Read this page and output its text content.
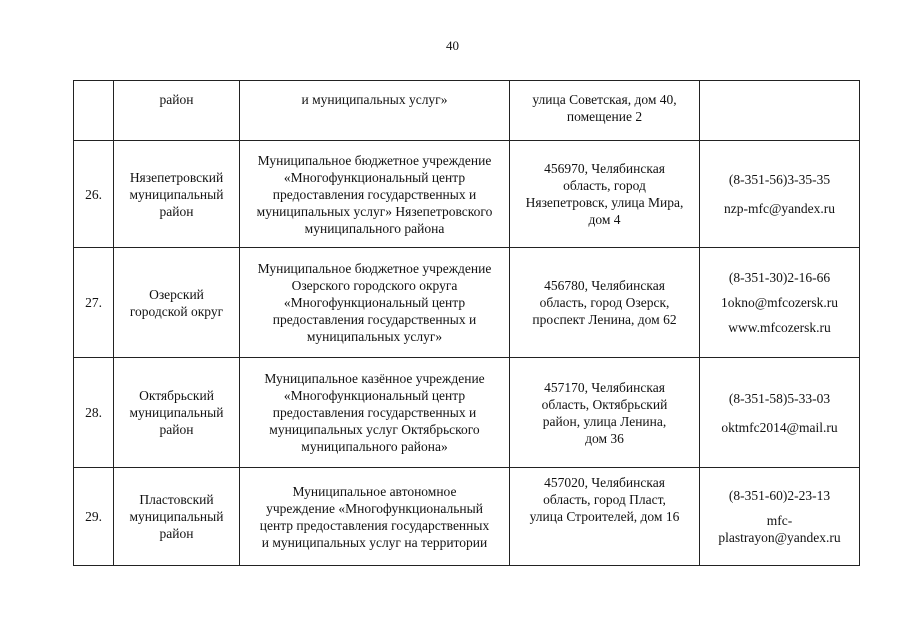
40
	район	и муниципальных услуг»	улица Советская, дом 40,
помещение 2	
26.	Нязепетровский
муниципальный
район	Муниципальное бюджетное учреждение
«Многофункциональный центр
предоставления государственных и
муниципальных услуг» Нязепетровского
муниципального района	456970, Челябинская
область, город
Нязепетровск, улица Мира,
дом 4	(8-351-56)3-35-35
nzp-mfc@yandex.ru

27.	Озерский
городской округ	Муниципальное бюджетное учреждение
Озерского городского округа
«Многофункциональный центр
предоставления государственных и
муниципальных услуг»	456780, Челябинская
область, город Озерск,
проспект Ленина, дом 62	(8-351-30)2-16-66
1okno@mfcozersk.ru
www.mfcozersk.ru

28.	Октябрьский
муниципальный
район	Муниципальное казённое учреждение
«Многофункциональный центр
предоставления государственных и
муниципальных услуг Октябрьского
муниципального района»	457170, Челябинская
область, Октябрьский
район, улица Ленина,
дом 36	(8-351-58)5-33-03
oktmfc2014@mail.ru

29.	Пластовский
муниципальный
район	Муниципальное автономное
учреждение «Многофункциональный
центр предоставления государственных
и муниципальных услуг на территории	457020, Челябинская
область, город Пласт,
улица Строителей, дом 16	(8-351-60)2-23-13
mfc-
plastrayon@yandex.ru
